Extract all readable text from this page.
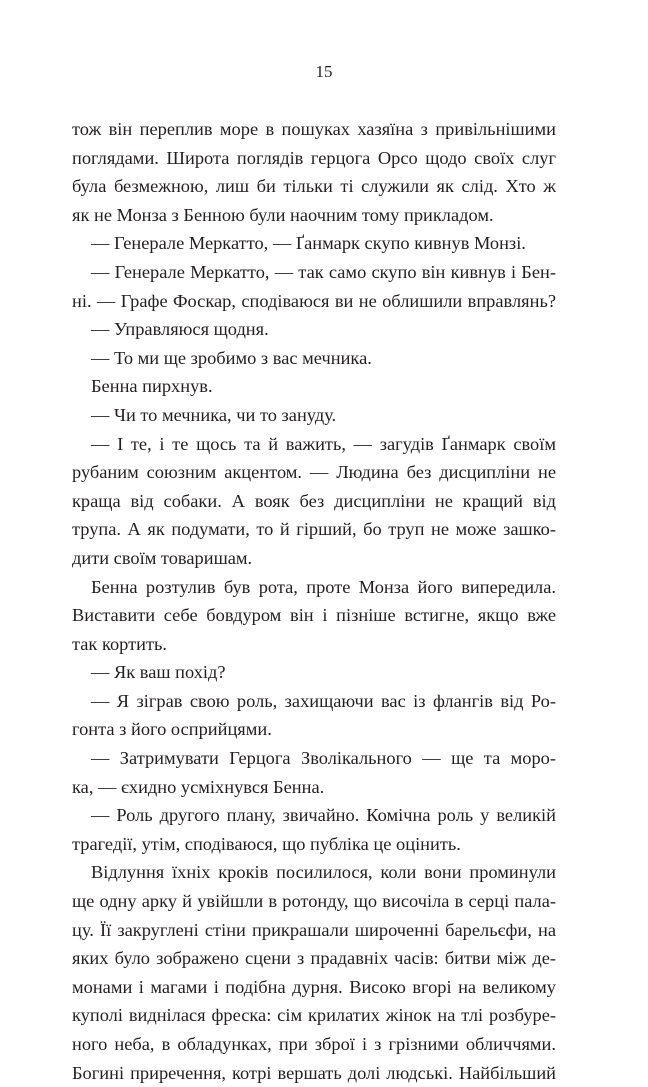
15
тож він переплив море в пошуках хазяїна з привільнішими
поглядами. Широта поглядів герцога Орсо щодо своїх слуг
була безмежною, лиш би тільки ті служили як слід. Хто ж
як не Монза з Бенною були наочним тому прикладом.
— Генерале Меркатто, — Ґанмарк скупо кивнув Монзі.
— Генерале Меркатто, — так само скупо він кивнув і Бен-
ні. — Графе Фоскар, сподіваюся ви не облишили вправлянь?
— Управляюся щодня.
— То ми ще зробимо з вас мечника.
Бенна пирхнув.
— Чи то мечника, чи то зануду.
— І те, і те щось та й важить, — загудів Ґанмарк своїм
рубаним союзним акцентом. — Людина без дисципліни не
краща від собаки. А вояк без дисципліни не кращий від
трупа. А як подумати, то й гірший, бо труп не може зашко-
дити своїм товаришам.
Бенна розтулив був рота, проте Монза його випередила.
Виставити себе бовдуром він і пізніше встигне, якщо вже
так кортить.
— Як ваш похід?
— Я зіграв свою роль, захищаючи вас із флангів від Ро-
гонта з його осприйцями.
— Затримувати Герцога Зволікального — ще та моро-
ка, — єхидно усміхнувся Бенна.
— Роль другого плану, звичайно. Комічна роль у великій
трагедії, утім, сподіваюся, що публіка це оцінить.
Відлуння їхніх кроків посилилося, коли вони проминули
ще одну арку й увійшли в ротонду, що височіла в серці пала-
цу. Її закруглені стіни прикрашали широченні барельєфи, на
яких було зображено сцени з прадавніх часів: битви між де-
монами і магами і подібна дурня. Високо вгорі на великому
куполі виднілася фреска: сім крилатих жінок на тлі розбуре-
ного неба, в обладунках, при зброї і з грізними обличчями.
Богині приречення, котрі вершать долі людські. Найбільший
